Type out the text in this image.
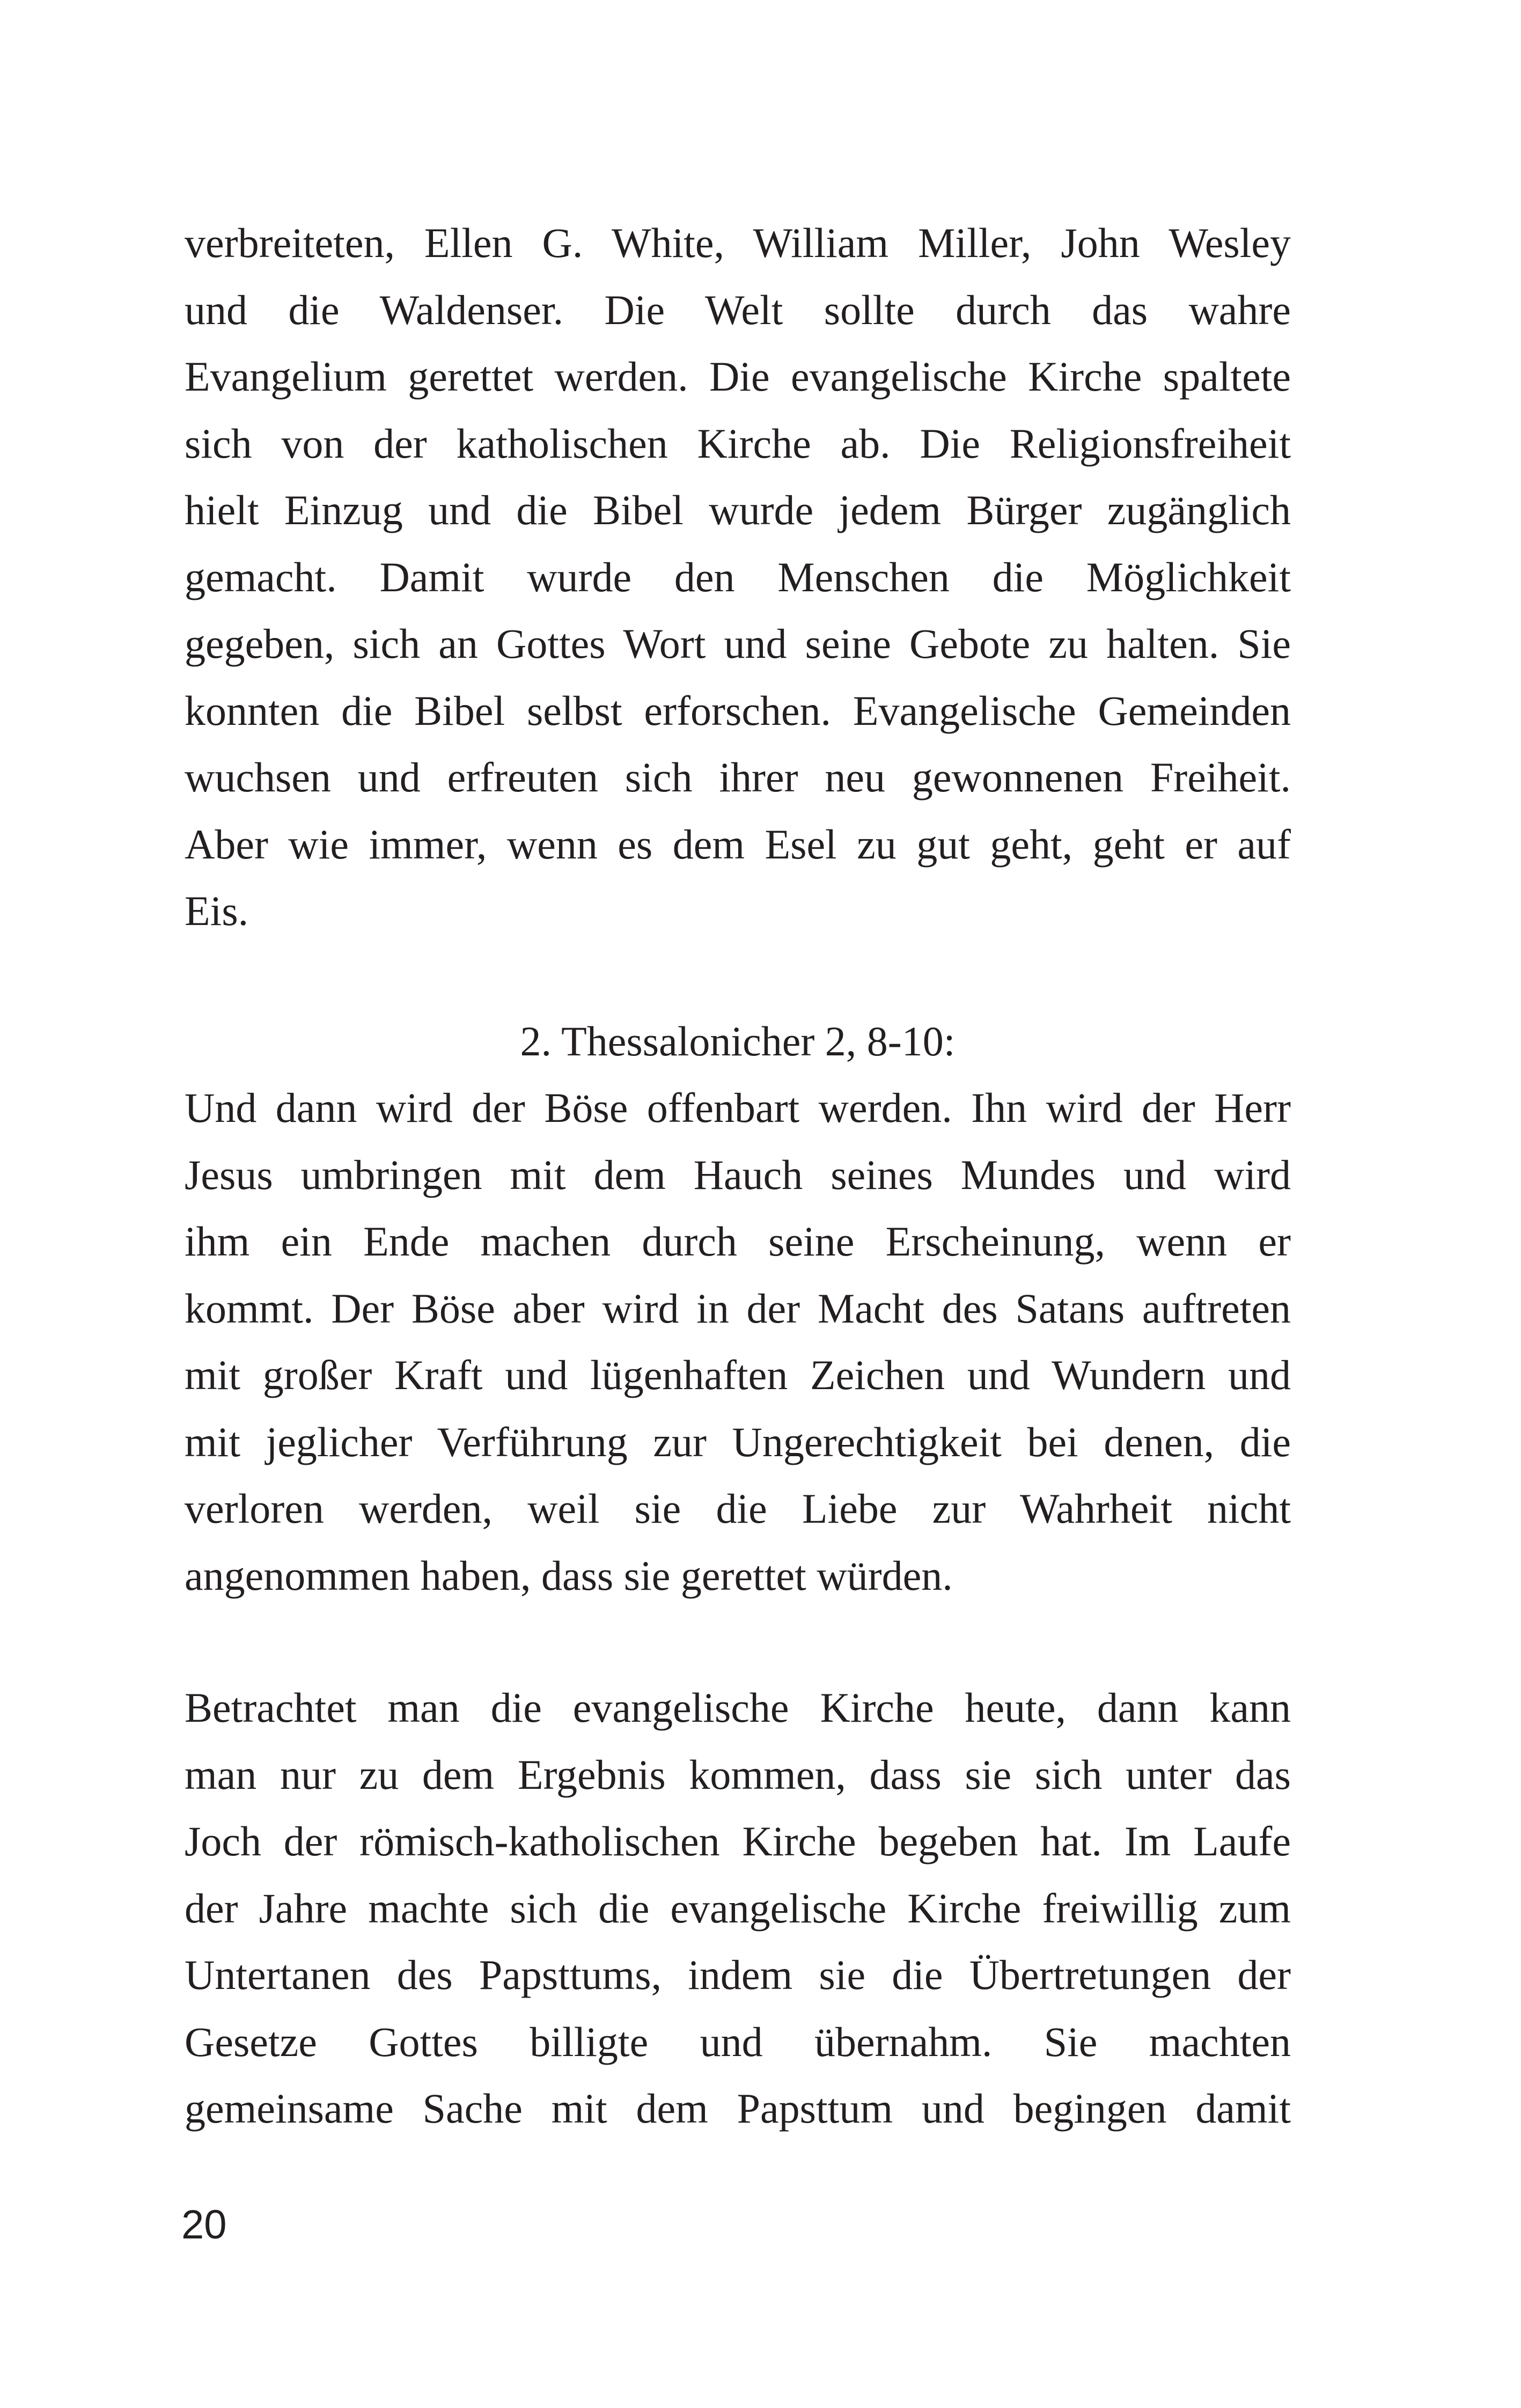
verbreiteten, Ellen G. White, William Miller, John Wesley
und die Waldenser. Die Welt sollte durch das wahre
Evangelium gerettet werden. Die evangelische Kirche spaltete
sich von der katholischen Kirche ab. Die Religionsfreiheit
hielt Einzug und die Bibel wurde jedem Bürger zugänglich
gemacht. Damit wurde den Menschen die Möglichkeit
gegeben, sich an Gottes Wort und seine Gebote zu halten. Sie
konnten die Bibel selbst erforschen. Evangelische Gemeinden
wuchsen und erfreuten sich ihrer neu gewonnenen Freiheit.
Aber wie immer, wenn es dem Esel zu gut geht, geht er auf
Eis.
2. Thessalonicher 2, 8-10:
Und dann wird der Böse offenbart werden. Ihn wird der Herr
Jesus umbringen mit dem Hauch seines Mundes und wird
ihm ein Ende machen durch seine Erscheinung, wenn er
kommt. Der Böse aber wird in der Macht des Satans auftreten
mit großer Kraft und lügenhaften Zeichen und Wundern und
mit jeglicher Verführung zur Ungerechtigkeit bei denen, die
verloren werden, weil sie die Liebe zur Wahrheit nicht
angenommen haben, dass sie gerettet würden.
Betrachtet man die evangelische Kirche heute, dann kann
man nur zu dem Ergebnis kommen, dass sie sich unter das
Joch der römisch-katholischen Kirche begeben hat. Im Laufe
der Jahre machte sich die evangelische Kirche freiwillig zum
Untertanen des Papsttums, indem sie die Übertretungen der
Gesetze Gottes billigte und übernahm. Sie machten
gemeinsame Sache mit dem Papsttum und begingen damit
20
